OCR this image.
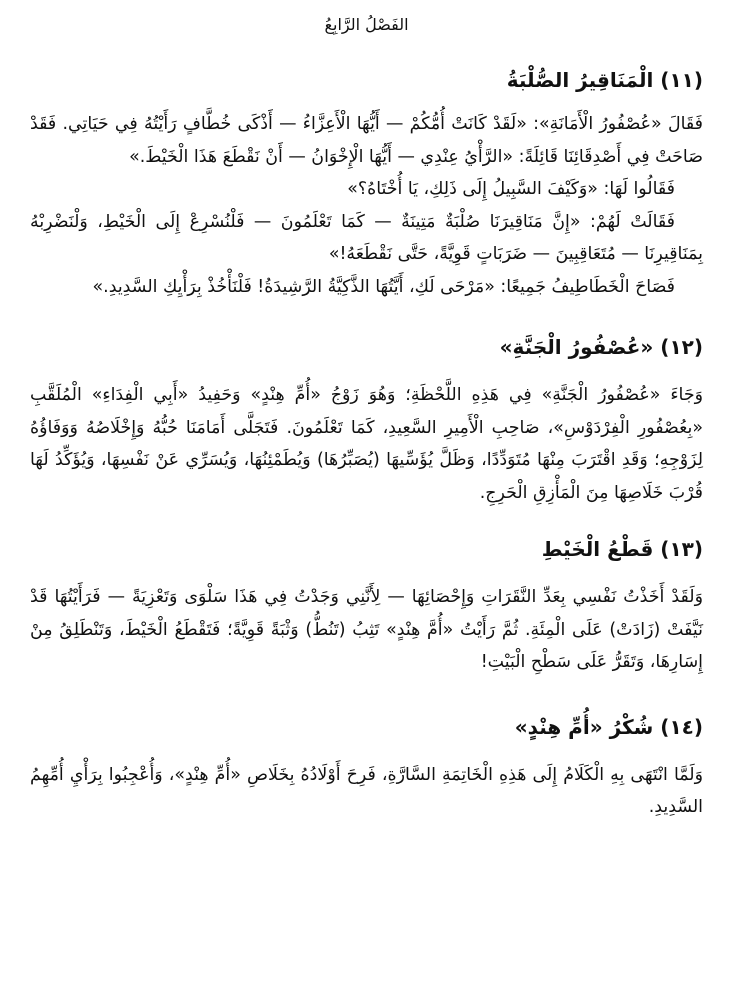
الفَصْلُ الرَّابِعُ
(١١) الْمَنَاقِيرُ الصُّلْبَةُ

فَقَالَ «عُصْفُورُ الْأَمَانَةِ»: «لَقَدْ كَانَتْ أُمُّكُمْ — أَيُّهَا الْأَعِزَّاءُ — أَذْكَى خُطَّافٍ رَأَيْتُهُ فِي حَيَاتِي. فَقَدْ صَاحَتْ فِي أَصْدِقَائِنَا قَائِلَةً: «الرَّأْيُ عِنْدِي — أَيُّهَا الْإِخْوَانُ — أَنْ نَقْطَعَ هَذَا الْخَيْطَ.»

فَقَالُوا لَهَا: «وَكَيْفَ السَّبِيلُ إِلَى ذَلِكِ، يَا أُخْتَاهُ؟»

فَقَالَتْ لَهُمْ: «إِنَّ مَنَاقِيرَنَا صُلْبَةٌ مَتِينَةٌ — كَمَا تَعْلَمُونَ — فَلْنُسْرِعْ إِلَى الْخَيْطِ، وَلْنَضْرِبْهُ بِمَنَاقِيرِنَا — مُتَعَاقِبِينَ — ضَرَبَاتٍ قَوِيَّةً، حَتَّى نَقْطَعَهُ!»

فَصَاحَ الْخَطَاطِيفُ جَمِيعًا: «مَرْحَى لَكِ، أَيَّتُهَا الذَّكِيَّةُ الرَّشِيدَةُ! فَلْنَأْخُذْ بِرَأْيِكِ السَّدِيدِ.»

(١٢) «عُصْفُورُ الْجَنَّةِ»

وَجَاءَ «عُصْفُورُ الْجَنَّةِ» فِي هَذِهِ اللَّحْظَةِ؛ وَهُوَ زَوْجُ «أُمِّ هِنْدٍ» وَحَفِيدُ «أَبِي الْفِدَاءِ» الْمُلَقَّبِ «بِعُصْفُورِ الْفِرْدَوْسِ»، صَاحِبِ الْأَمِيرِ السَّعِيدِ، كَمَا تَعْلَمُونَ. فَتَجَلَّى أَمَامَنَا حُبُّهُ وَإِخْلَاصُهُ وَوَفَاؤُهُ لِزَوْجِهِ؛ وَقَدِ اقْتَرَبَ مِنْهَا مُتَوَدِّدًا، وَظَلَّ يُؤَسِّيهَا (يُصَبِّرُهَا) وَيُطَمْئِنُهَا، وَيُسَرِّي عَنْ نَفْسِهَا، وَيُؤَكِّدُ لَهَا قُرْبَ خَلَاصِهَا مِنَ الْمَأْزِقِ الْحَرِجِ.

(١٣) قَطْعُ الْخَيْطِ

وَلَقَدْ أَخَذْتُ نَفْسِي بِعَدِّ النَّقَرَاتِ وَإِحْصَائِهَا — لِأَنَّنِي وَجَدْتُ فِي هَذَا سَلْوَى وَتَعْزِيَةً — فَرَأَيْتُهَا قَدْ نَيَّفَتْ (زَادَتْ) عَلَى الْمِئَةِ. ثُمَّ رَأَيْتُ «أُمَّ هِنْدٍ» تَثِبُ (تَنُطُّ) وَثْبَةً قَوِيَّةً؛ فَتَقْطَعُ الْخَيْطَ، وَتَنْطَلِقُ مِنْ إِسَارِهَا، وَتَقَرُّ عَلَى سَطْحِ الْبَيْتِ!

(١٤) شُكْرُ «أُمِّ هِنْدٍ»

وَلَمَّا انْتَهَى بِهِ الْكَلَامُ إِلَى هَذِهِ الْخَاتِمَةِ السَّارَّةِ، فَرِحَ أَوْلَادُهُ بِخَلَاصِ «أُمِّ هِنْدٍ»، وَأُعْجِبُوا بِرَأْيِ أُمِّهِمُ السَّدِيدِ.
